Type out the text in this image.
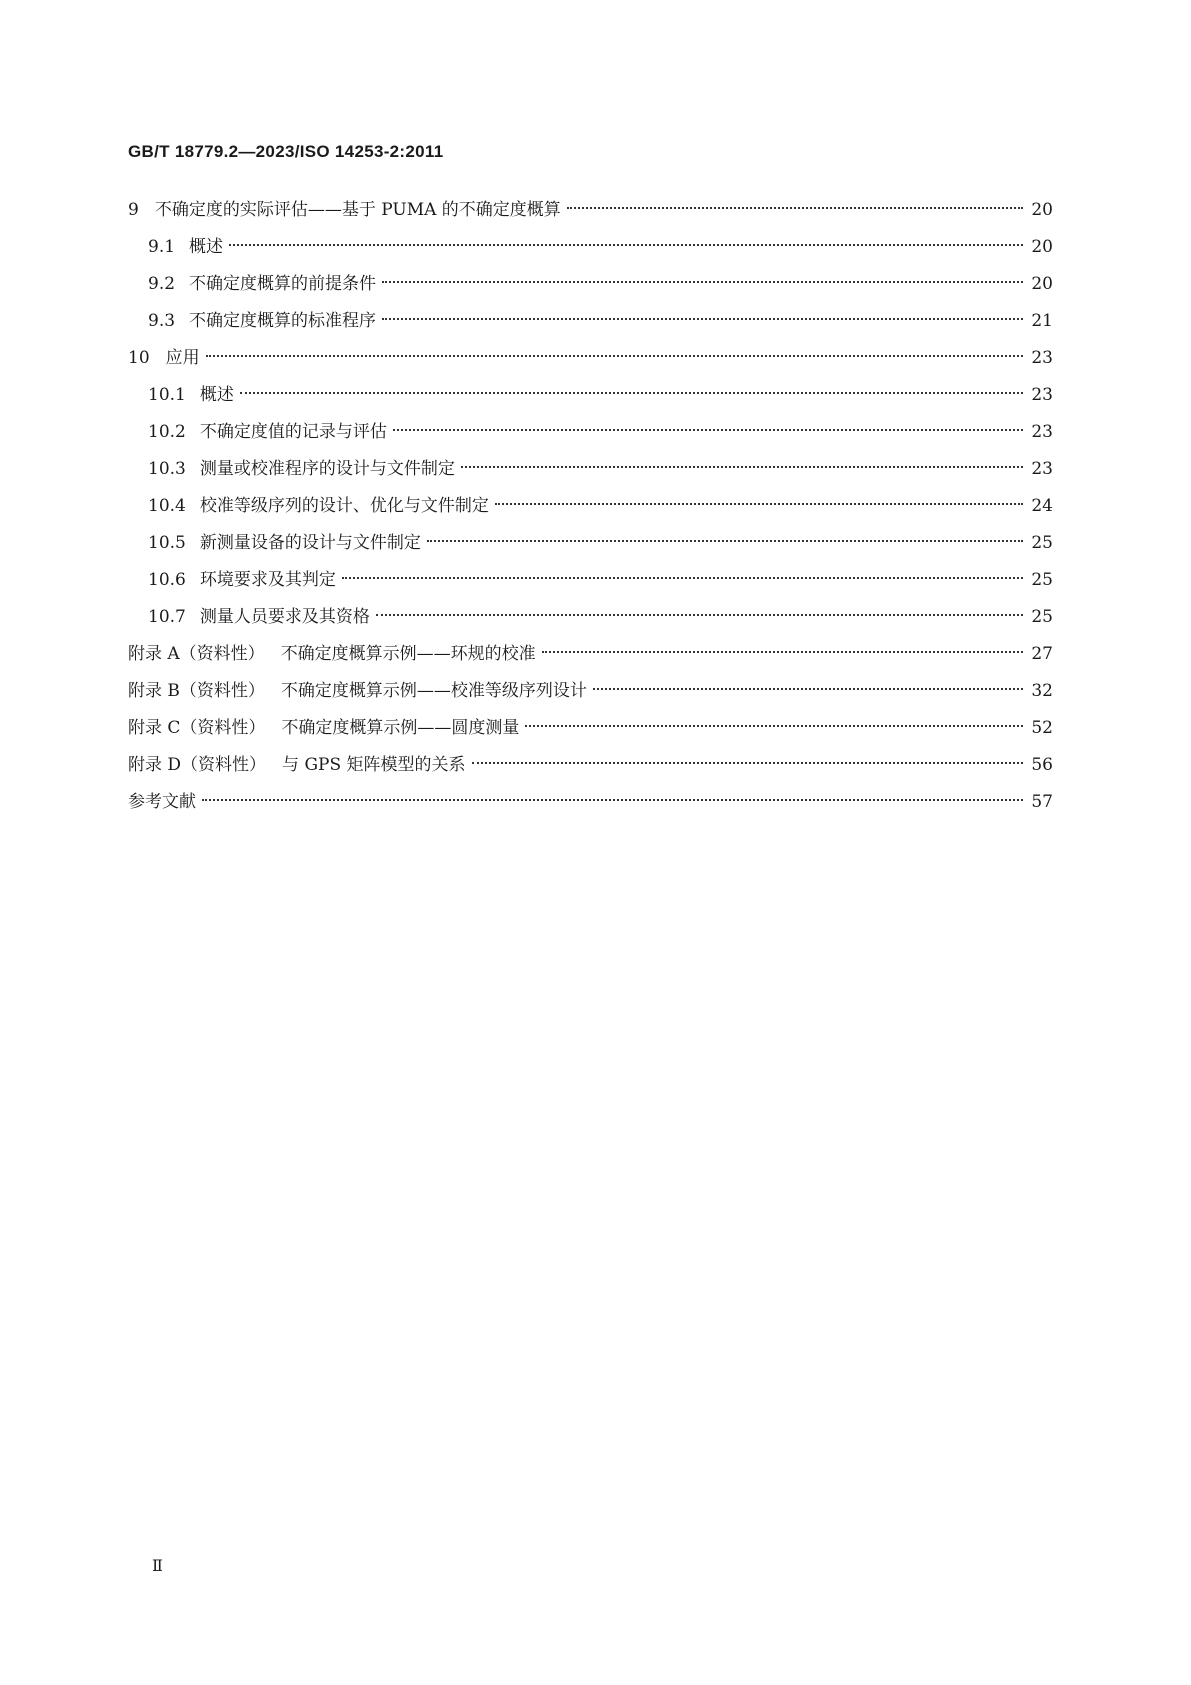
GB/T 18779.2—2023/ISO 14253-2:2011
9 不确定度的实际评估——基于 PUMA 的不确定度概算	20
9.1 概述	20
9.2 不确定度概算的前提条件	20
9.3 不确定度概算的标准程序	21
10 应用	23
10.1 概述	23
10.2 不确定度值的记录与评估	23
10.3 测量或校准程序的设计与文件制定	23
10.4 校准等级序列的设计、优化与文件制定	24
10.5 新测量设备的设计与文件制定	25
10.6 环境要求及其判定	25
10.7 测量人员要求及其资格	25
附录 A（资料性） 不确定度概算示例——环规的校准	27
附录 B（资料性） 不确定度概算示例——校准等级序列设计	32
附录 C（资料性） 不确定度概算示例——圆度测量	52
附录 D（资料性） 与 GPS 矩阵模型的关系	56
参考文献	57
Ⅱ
